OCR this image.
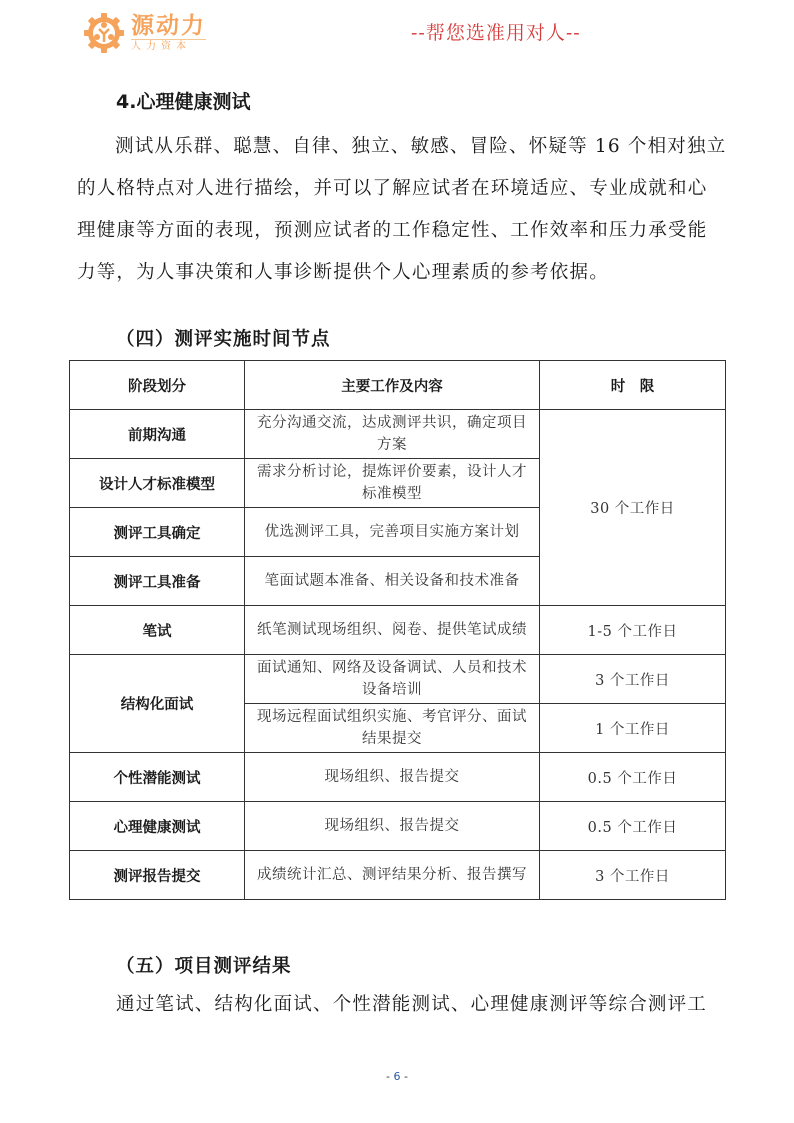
源动力
人力资本
--帮您选准用对人--
4.心理健康测试
测试从乐群、聪慧、自律、独立、敏感、冒险、怀疑等 16 个相对独立
的人格特点对人进行描绘，并可以了解应试者在环境适应、专业成就和心
理健康等方面的表现，预测应试者的工作稳定性、工作效率和压力承受能
力等，为人事决策和人事诊断提供个人心理素质的参考依据。
（四）测评实施时间节点
阶段划分	主要工作及内容	时　限
前期沟通	充分沟通交流，达成测评共识，确定项目方案	30 个工作日
设计人才标准模型	需求分析讨论，提炼评价要素，设计人才标准模型	
测评工具确定	优选测评工具，完善项目实施方案计划	
测评工具准备	笔面试题本准备、相关设备和技术准备	
笔试	纸笔测试现场组织、阅卷、提供笔试成绩	1-5 个工作日
结构化面试	面试通知、网络及设备调试、人员和技术设备培训	3 个工作日
	现场远程面试组织实施、考官评分、面试结果提交	1 个工作日
个性潜能测试	现场组织、报告提交	0.5 个工作日
心理健康测试	现场组织、报告提交	0.5 个工作日
测评报告提交	成绩统计汇总、测评结果分析、报告撰写	3 个工作日
（五）项目测评结果
通过笔试、结构化面试、个性潜能测试、心理健康测评等综合测评工
- 6 -
